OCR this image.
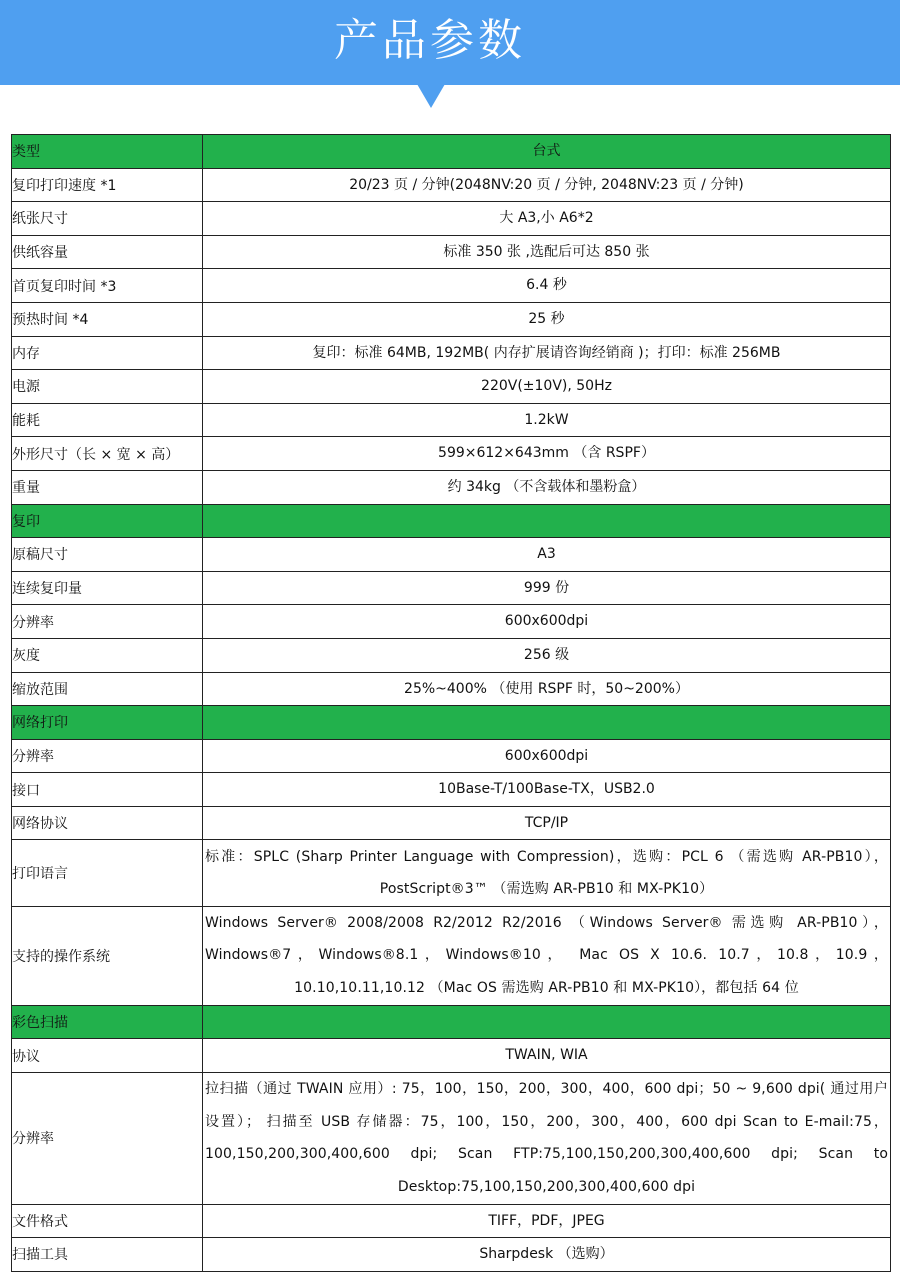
产品参数
类型	台式
复印打印速度 *1	20/23 页 / 分钟(2048NV:20 页 / 分钟, 2048NV:23 页 / 分钟)
纸张尺寸	大 A3,小 A6*2
供纸容量	标准 350 张 ,选配后可达 850 张
首页复印时间 *3	6.4 秒
预热时间 *4	25 秒
内存	复印：标准 64MB, 192MB( 内存扩展请咨询经销商 )；打印：标准 256MB
电源	220V(±10V), 50Hz
能耗	1.2kW
外形尺寸（长 × 宽 × 高）	599×612×643mm （含 RSPF）
重量	约 34kg （不含载体和墨粉盒）
复印	
原稿尺寸	A3
连续复印量	999 份
分辨率	600x600dpi
灰度	256 级
缩放范围	25%~400% （使用 RSPF 时，50~200%）
网络打印	
分辨率	600x600dpi
接口	10Base-T/100Base-TX，USB2.0
网络协议	TCP/IP
打印语言	标准：SPLC (Sharp Printer Language with Compression)，选购：PCL 6 （需选购 AR-PB10），PostScript®3™ （需选购 AR-PB10 和 MX-PK10）
支持的操作系统	Windows Server® 2008/2008 R2/2012 R2/2016 （Windows Server® 需选购 AR-PB10），Windows®7，Windows®8.1，Windows®10， Mac OS X 10.6. 10.7，10.8，10.9，10.10,10.11,10.12 （Mac OS 需选购 AR-PB10 和 MX-PK10），都包括 64 位
彩色扫描	
协议	TWAIN, WIA
分辨率	拉扫描（通过 TWAIN 应用）: 75，100，150，200，300，400，600 dpi；50 ~ 9,600 dpi( 通过用户设置）； 扫描至 USB 存储器：75，100，150，200，300，400，600 dpi Scan to E-mail:75，100,150,200,300,400,600 dpi; Scan FTP:75,100,150,200,300,400,600 dpi; Scan to Desktop:75,100,150,200,300,400,600 dpi
文件格式	TIFF，PDF，JPEG
扫描工具	Sharpdesk （选购）
